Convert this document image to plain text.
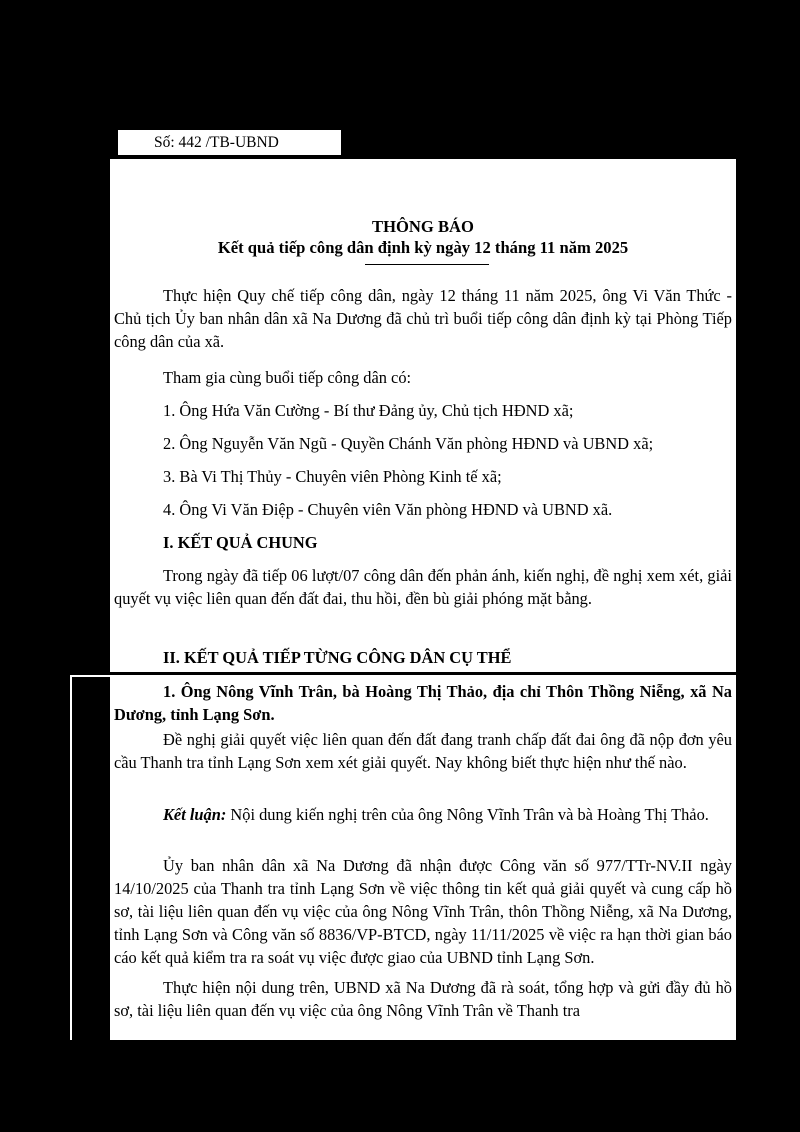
Số: 442 /TB-UBND

THÔNG BÁO

Kết quả tiếp công dân định kỳ ngày 12 tháng 11 năm 2025

Thực hiện Quy chế tiếp công dân, ngày 12 tháng 11 năm 2025, ông Vi Văn Thức - Chủ tịch Ủy ban nhân dân xã Na Dương đã chủ trì buổi tiếp công dân định kỳ tại Phòng Tiếp công dân của xã.

Tham gia cùng buổi tiếp công dân có:

1. Ông Hứa Văn Cường - Bí thư Đảng ủy, Chủ tịch HĐND xã;

2. Ông Nguyễn Văn Ngũ - Quyền Chánh Văn phòng HĐND và UBND xã;

3. Bà Vi Thị Thủy - Chuyên viên Phòng Kinh tế xã;

4. Ông Vi Văn Điệp - Chuyên viên Văn phòng HĐND và UBND xã.

I. KẾT QUẢ CHUNG

Trong ngày đã tiếp 06 lượt/07 công dân đến phản ánh, kiến nghị, đề nghị xem xét, giải quyết vụ việc liên quan đến đất đai, thu hồi, đền bù giải phóng mặt bằng.

II. KẾT QUẢ TIẾP TỪNG CÔNG DÂN CỤ THỂ

1. Ông Nông Vĩnh Trân, bà Hoàng Thị Thảo, địa chỉ Thôn Thồng Niễng, xã Na Dương, tỉnh Lạng Sơn.

Đề nghị giải quyết việc liên quan đến đất đang tranh chấp đất đai ông đã nộp đơn yêu cầu Thanh tra tỉnh Lạng Sơn xem xét giải quyết. Nay không biết thực hiện như thế nào.

Kết luận: Nội dung kiến nghị trên của ông Nông Vĩnh Trân và bà Hoàng Thị Thảo.

Ủy ban nhân dân xã Na Dương đã nhận được Công văn số 977/TTr-NV.II ngày 14/10/2025 của Thanh tra tỉnh Lạng Sơn về việc thông tin kết quả giải quyết và cung cấp hồ sơ, tài liệu liên quan đến vụ việc của ông Nông Vĩnh Trân, thôn Thồng Niễng, xã Na Dương, tỉnh Lạng Sơn và Công văn số 8836/VP-BTCD, ngày 11/11/2025 về việc ra hạn thời gian báo cáo kết quả kiểm tra ra soát vụ việc được giao của UBND tỉnh Lạng Sơn.

Thực hiện nội dung trên, UBND xã Na Dương đã rà soát, tổng hợp và gửi đầy đủ hồ sơ, tài liệu liên quan đến vụ việc của ông Nông Vĩnh Trân về Thanh tra
